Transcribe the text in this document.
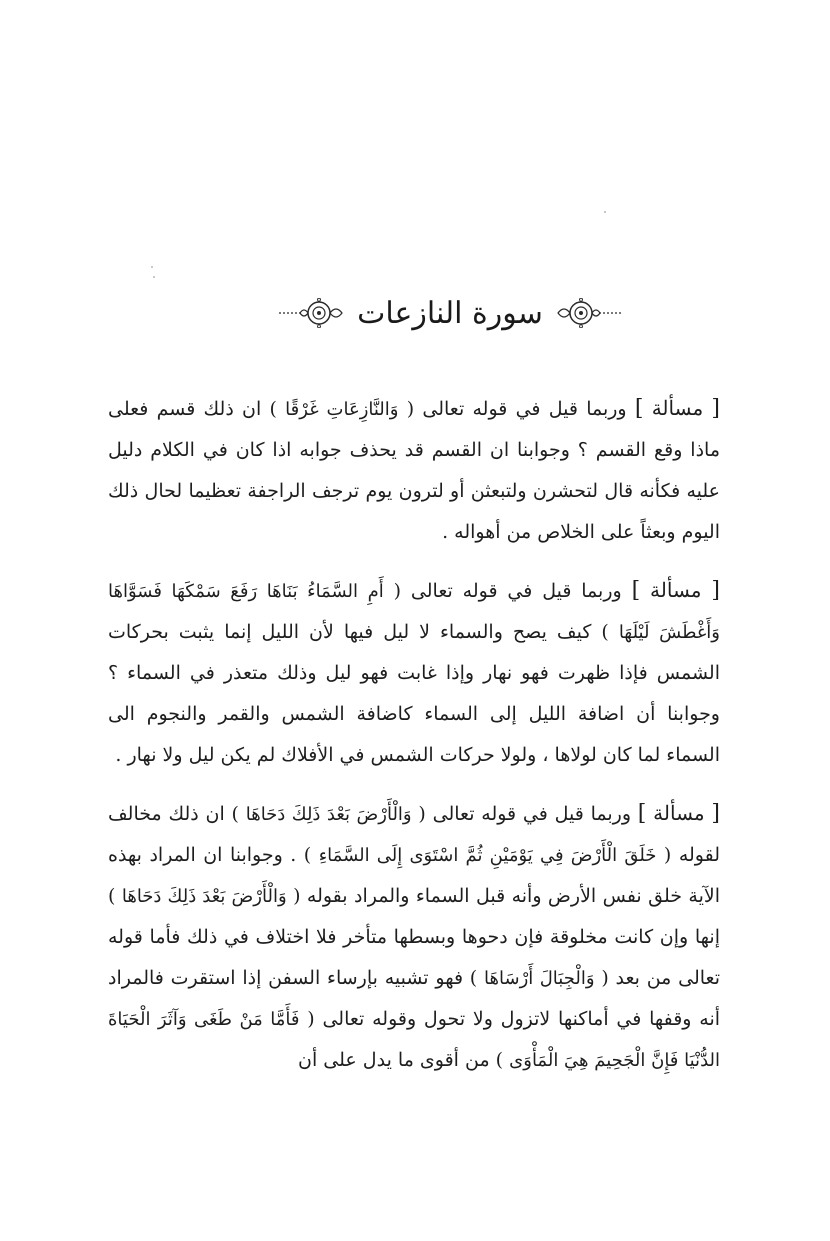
سورة النازعات

[ مسألة ] وربما قيل في قوله تعالى ( وَالنَّازِعَاتِ غَرْقًا ) ان ذلك قسم فعلى ماذا وقع القسم ؟ وجوابنا ان القسم قد يحذف جوابه اذا كان في الكلام دليل عليه فكأنه قال لتحشرن ولتبعثن أو لترون يوم ترجف الراجفة تعظيما لحال ذلك اليوم وبعثاً على الخلاص من أهواله .

[ مسألة ] وربما قيل في قوله تعالى ( أَمِ السَّمَاءُ بَنَاهَا رَفَعَ سَمْكَهَا فَسَوَّاهَا وَأَغْطَشَ لَيْلَهَا ) كيف يصح والسماء لا ليل فيها لأن الليل إنما يثبت بحركات الشمس فإذا ظهرت فهو نهار وإذا غابت فهو ليل وذلك متعذر في السماء ؟ وجوابنا أن اضافة الليل إلى السماء كاضافة الشمس والقمر والنجوم الى السماء لما كان لولاها ، ولولا حركات الشمس في الأفلاك لم يكن ليل ولا نهار .

[ مسألة ] وربما قيل في قوله تعالى ( وَالْأَرْضَ بَعْدَ ذَلِكَ دَحَاهَا ) ان ذلك مخالف لقوله ( خَلَقَ الْأَرْضَ فِي يَوْمَيْنِ ثُمَّ اسْتَوَى إِلَى السَّمَاءِ ) . وجوابنا ان المراد بهذه الآية خلق نفس الأرض وأنه قبل السماء والمراد بقوله ( وَالْأَرْضَ بَعْدَ ذَلِكَ دَحَاهَا ) إنها وإن كانت مخلوقة فإن دحوها وبسطها متأخر فلا اختلاف في ذلك فأما قوله تعالى من بعد ( وَالْجِبَالَ أَرْسَاهَا ) فهو تشبيه بإرساء السفن إذا استقرت فالمراد أنه وقفها في أماكنها لاتزول ولا تحول وقوله تعالى ( فَأَمَّا مَنْ طَغَى وَآثَرَ الْحَيَاةَ الدُّنْيَا فَإِنَّ الْجَحِيمَ هِيَ الْمَأْوَى ) من أقوى ما يدل على أن
